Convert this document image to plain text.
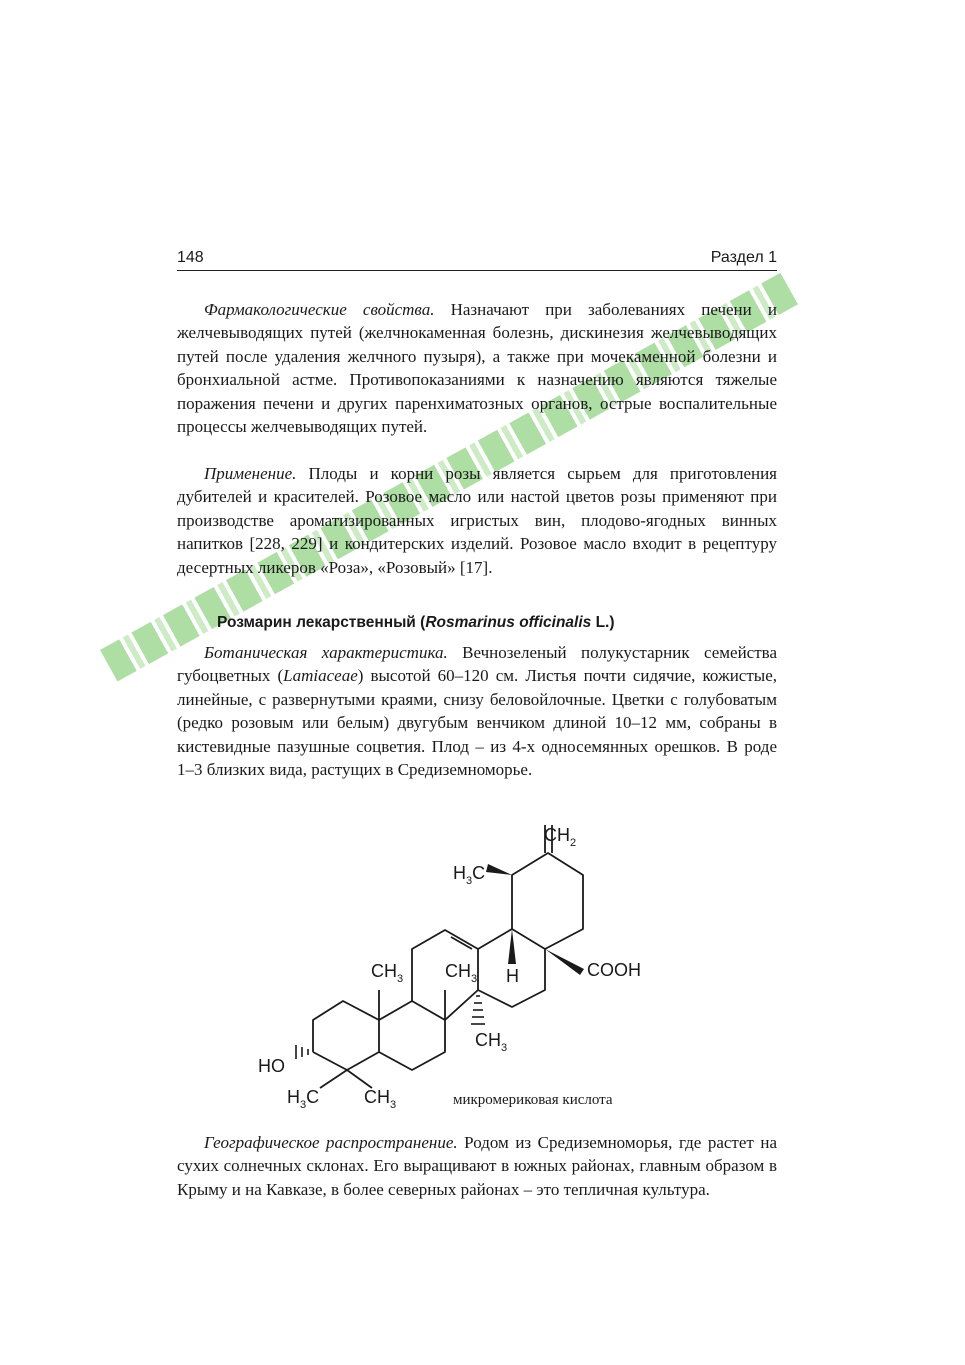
148	Раздел 1

Фармакологические свойства. Назначают при заболеваниях печени и желчевыводящих путей (желчнокаменная болезнь, дискинезия желчевыводящих путей после удаления желчного пузыря), а также при мочекаменной болезни и бронхиальной астме. Противопоказаниями к назначению являются тяжелые поражения печени и других паренхиматозных органов, острые воспалительные процессы желчевыводящих путей.

Применение. Плоды и корни розы является сырьем для приготовления дубителей и красителей. Розовое масло или настой цветов розы применяют при производстве ароматизированных игристых вин, плодово-ягодных винных напитков [228, 229] и кондитерских изделий. Розовое масло входит в рецептуру десертных ликеров «Роза», «Розовый» [17].

Розмарин лекарственный (Rosmarinus officinalis L.)

Ботаническая характеристика. Вечнозеленый полукустарник семейства губоцветных (Lamiaceae) высотой 60–120 см. Листья почти сидячие, кожистые, линейные, с развернутыми краями, снизу беловойлочные. Цветки с голубоватым (редко розовым или белым) двугубым венчиком длиной 10–12 мм, собраны в кистевидные пазушные соцветия. Плод – из 4-х односемянных орешков. В роде 1–3 близких вида, растущих в Средиземноморье.

$CH_2$
$H_3C$
H	COOH
$CH_3$ $CH_3$
$CH_3$
HO
$H_3C$ $CH_3$	микромериковая кислота

Географическое распространение. Родом из Средиземноморья, где растет на сухих солнечных склонах. Его выращивают в южных районах, главным образом в Крыму и на Кавказе, в более северных районах – это тепличная культура.
